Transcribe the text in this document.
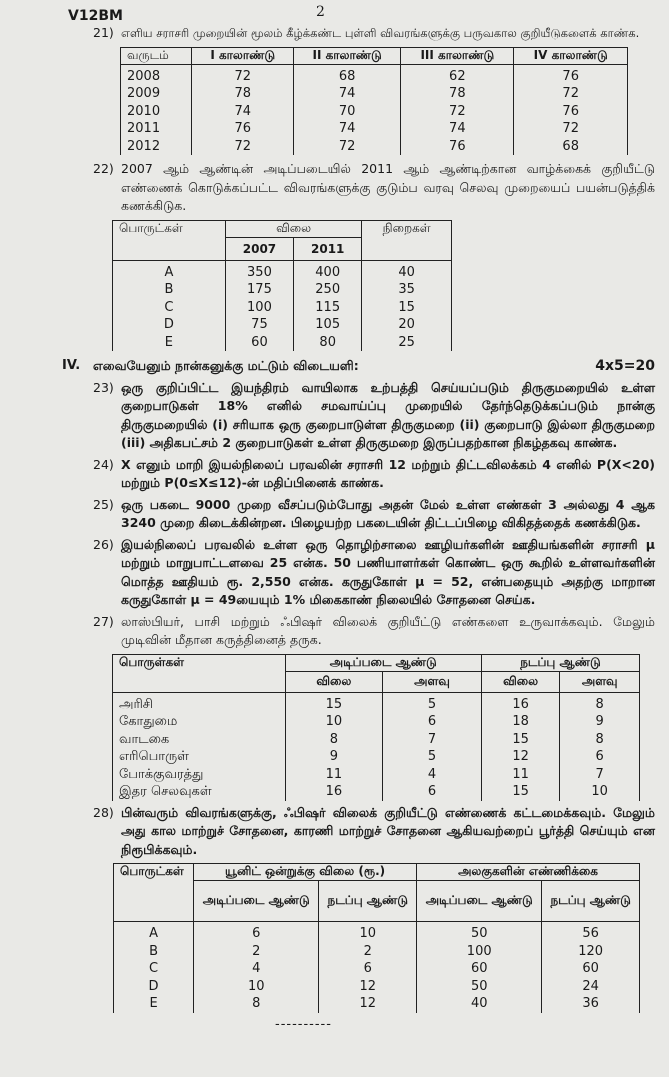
V12BM	2
21) எளிய சராசரி முறையின் மூலம் கீழ்க்கண்ட புள்ளி விவரங்களுக்கு பருவகால குறியீடுகளைக் காண்க.
வருடம்	I காலாண்டு	II காலாண்டு	III காலாண்டு	IV காலாண்டு
2008	72	68	62	76
2009	78	74	78	72
2010	74	70	72	76
2011	76	74	74	72
2012	72	72	76	68
22) 2007 ஆம் ஆண்டின் அடிப்படையில் 2011 ஆம் ஆண்டிற்கான வாழ்க்கைக் குறியீட்டு எண்ணைக் கொடுக்கப்பட்ட விவரங்களுக்கு குடும்ப வரவு செலவு முறையைப் பயன்படுத்திக் கணக்கிடுக.
பொருட்கள்	விலை		நிறைகள்
	2007	2011	
A	350	400	40
B	175	250	35
C	100	115	15
D	75	105	20
E	60	80	25
IV.	எவையேனும் நான்கனுக்கு மட்டும் விடையளி:	4x5=20
23) ஒரு குறிப்பிட்ட இயந்திரம் வாயிலாக உற்பத்தி செய்யப்படும் திருகுமறையில் உள்ள குறைபாடுகள் 18% எனில் சமவாய்ப்பு முறையில் தேர்ந்தெடுக்கப்படும் நான்கு திருகுமறையில் (i) சரியாக ஒரு குறைபாடுள்ள திருகுமறை (ii) குறைபாடு இல்லா திருகுமறை (iii) அதிகபட்சம் 2 குறைபாடுகள் உள்ள திருகுமறை இருப்பதற்கான நிகழ்தகவு காண்க.
24) X எனும் மாறி இயல்நிலைப் பரவலின் சராசரி 12 மற்றும் திட்டவிலக்கம் 4 எனில் P(X<20) மற்றும் P(0≤X≤12)-ன் மதிப்பினைக் காண்க.
25) ஒரு பகடை 9000 முறை வீசப்படும்போது அதன் மேல் உள்ள எண்கள் 3 அல்லது 4 ஆக 3240 முறை கிடைக்கின்றன. பிழையற்ற பகடையின் திட்டப்பிழை விகிதத்தைக் கணக்கிடுக.
26) இயல்நிலைப் பரவலில் உள்ள ஒரு தொழிற்சாலை ஊழியர்களின் ஊதியங்களின் சராசரி μ மற்றும் மாறுபாட்டளவை 25 என்க. 50 பணியாளர்கள் கொண்ட ஒரு கூறில் உள்ளவர்களின் மொத்த ஊதியம் ரூ. 2,550 என்க. கருதுகோள் μ = 52, என்பதையும் அதற்கு மாறான கருதுகோள் μ = 49யையும் 1% மிகைகாண் நிலையில் சோதனை செய்க.
27) லாஸ்பியர், பாசி மற்றும் ஃபிஷர் விலைக் குறியீட்டு எண்களை உருவாக்கவும். மேலும் முடிவின் மீதான கருத்தினைத் தருக.
பொருள்கள்	அடிப்படை ஆண்டு		நடப்பு ஆண்டு	
	விலை	அளவு	விலை	அளவு
அரிசி	15	5	16	8
கோதுமை	10	6	18	9
வாடகை	8	7	15	8
எரிபொருள்	9	5	12	6
போக்குவரத்து	11	4	11	7
இதர செலவுகள்	16	6	15	10
28) பின்வரும் விவரங்களுக்கு, ஃபிஷர் விலைக் குறியீட்டு எண்ணைக் கட்டமைக்கவும். மேலும் அது கால மாற்றுச் சோதனை, காரணி மாற்றுச் சோதனை ஆகியவற்றைப் பூர்த்தி செய்யும் என நிரூபிக்கவும்.
பொருட்கள்	யூனிட் ஒன்றுக்கு விலை (ரூ.)		அலகுகளின் எண்ணிக்கை	
	அடிப்படை ஆண்டு	நடப்பு ஆண்டு	அடிப்படை ஆண்டு	நடப்பு ஆண்டு
A	6	10	50	56
B	2	2	100	120
C	4	6	60	60
D	10	12	50	24
E	8	12	40	36
----------
